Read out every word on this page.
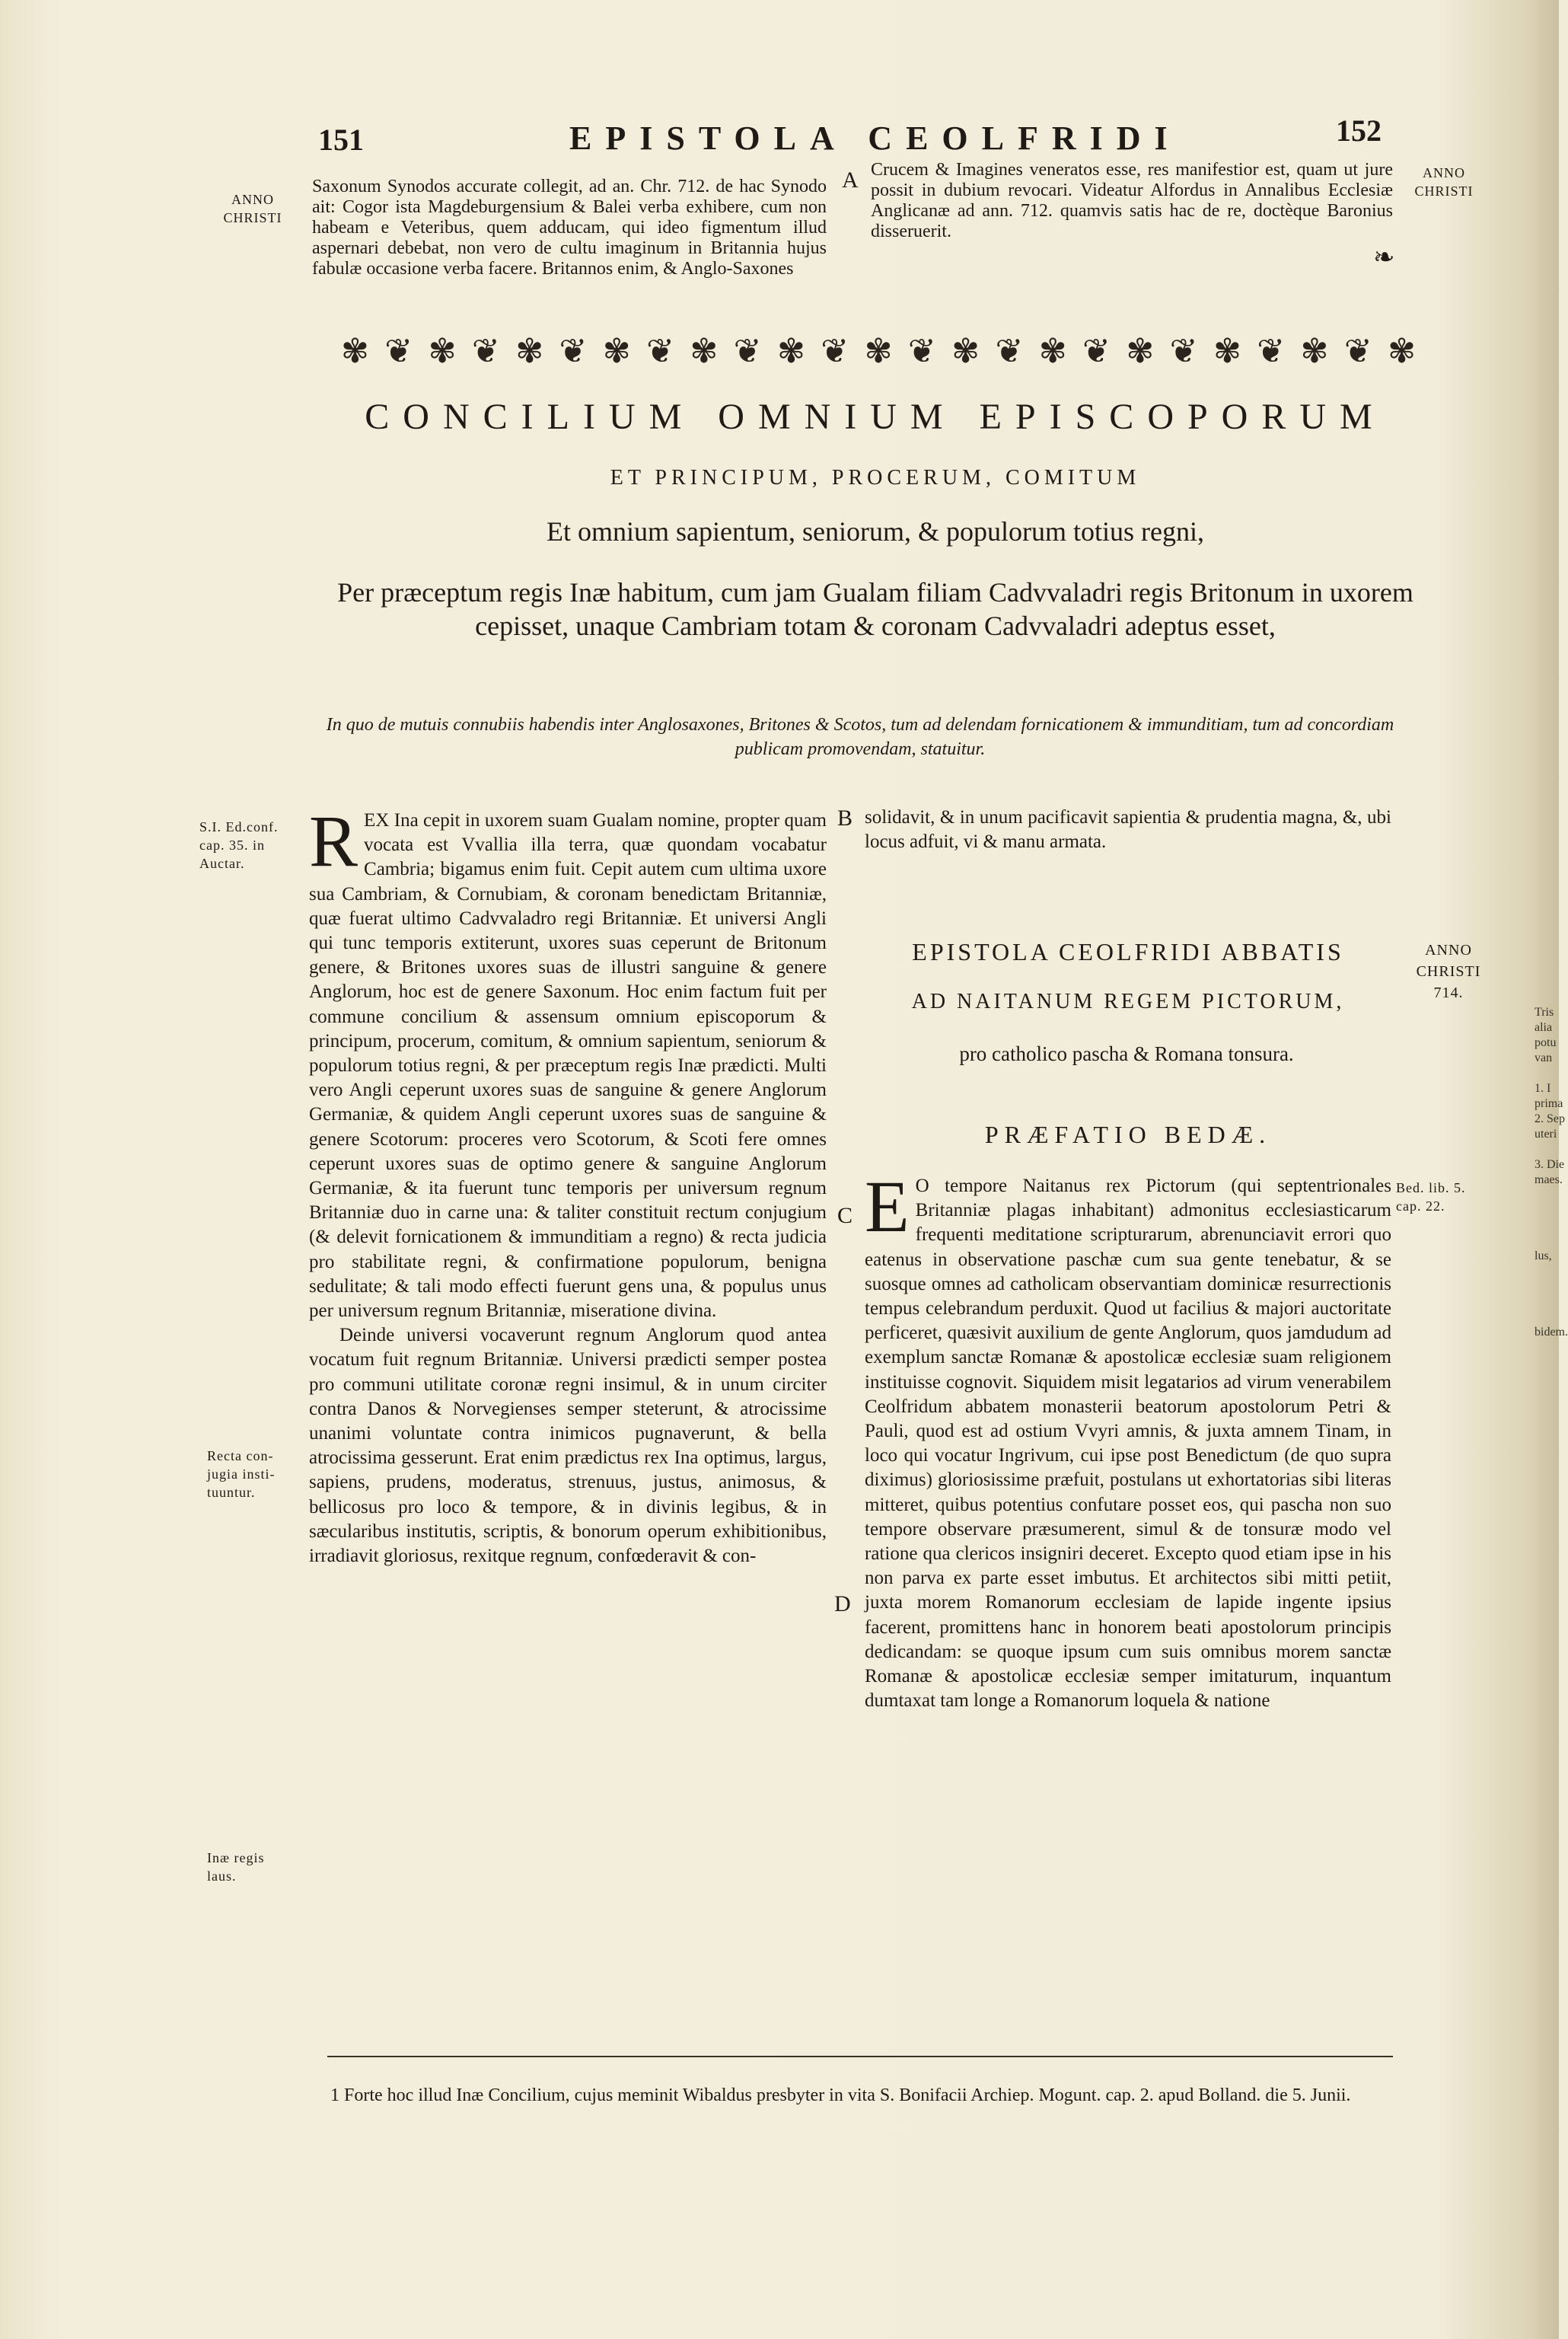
151	EPISTOLA CEOLFRIDI	152
ANNO
CHRISTI
ANNO
CHRISTI
Saxonum Synodos accurate collegit, ad an. Chr. 712. de hac Synodo ait: Cogor ista Magdeburgensium & Balei verba exhibere, cum non habeam e Veteribus, quem adducam, qui ideo figmentum illud aspernari debebat, non vero de cultu imaginum in Britannia hujus fabulæ occasione verba facere. Britannos enim, & Anglo-Saxones
A Crucem & Imagines veneratos esse, res manifestior est, quam ut jure possit in dubium revocari. Videatur Alfordus in Annalibus Ecclesiæ Anglicanæ ad ann. 712. quamvis satis hac de re, doctèque Baronius disseruerit.
❧
✾ ❦ ✾ ❦ ✾ ❦ ✾ ❦ ✾ ❦ ✾ ❦ ✾ ❦ ✾ ❦ ✾ ❦ ✾ ❦ ✾ ❦ ✾ ❦ ✾
CONCILIUM OMNIUM EPISCOPORUM
ET PRINCIPUM, PROCERUM, COMITUM
Et omnium sapientum, seniorum, & populorum totius regni,
Per præceptum regis Inæ habitum, cum jam Gualam filiam Cadvvaladri regis Britonum in uxorem cepisset, unaque Cambriam totam & coronam Cadvvaladri adeptus esset,
In quo de mutuis connubiis habendis inter Anglosaxones, Britones & Scotos, tum ad delendam fornicationem & immunditiam, tum ad concordiam publicam promovendam, statuitur.
S.I. Ed.conf. cap. 35. in Auctar.
Recta con-
jugia insti-
tuuntur.
Inæ regis
laus.
R EX Ina cepit in uxorem suam Gualam nomine, propter quam vocata est Vvallia illa terra, quæ quondam vocabatur Cambria; bigamus enim fuit. Cepit autem cum ultima uxore sua Cambriam, & Cornubiam, & coronam benedictam Britanniæ, quæ fuerat ultimo Cadvvaladro regi Britanniæ. Et universi Angli qui tunc temporis extiterunt, uxores suas ceperunt de Britonum genere, & Britones uxores suas de illustri sanguine & genere Anglorum, hoc est de genere Saxonum. Hoc enim factum fuit per commune concilium & assensum omnium episcoporum & principum, procerum, comitum, & omnium sapientum, seniorum & populorum totius regni, & per præceptum regis Inæ prædicti. Multi vero Angli ceperunt uxores suas de sanguine & genere Anglorum Germaniæ, & quidem Angli ceperunt uxores suas de sanguine & genere Scotorum: proceres vero Scotorum, & Scoti fere omnes ceperunt uxores suas de optimo genere & sanguine Anglorum Germaniæ, & ita fuerunt tunc temporis per universum regnum Britanniæ duo in carne una: & taliter constituit rectum conjugium (& delevit fornicationem & immunditiam a regno) & recta judicia pro stabilitate regni, & confirmatione populorum, benigna sedulitate; & tali modo effecti fuerunt gens una, & populus unus per universum regnum Britanniæ, miseratione divina.

Deinde universi vocaverunt regnum Anglorum quod antea vocatum fuit regnum Britanniæ. Universi prædicti semper postea pro communi utilitate coronæ regni insimul, & in unum circiter contra Danos & Norvegienses semper steterunt, & atrocissime unanimi voluntate contra inimicos pugnaverunt, & bella atrocissima gesserunt. Erat enim prædictus rex Ina optimus, largus, sapiens, prudens, moderatus, strenuus, justus, animosus, & bellicosus pro loco & tempore, & in divinis legibus, & in sæcularibus institutis, scriptis, & bonorum operum exhibitionibus, irradiavit gloriosus, rexitque regnum, confœderavit & con-

B
C
D
solidavit, & in unum pacificavit sapientia & prudentia magna, &, ubi locus adfuit, vi & manu armata.
EPISTOLA CEOLFRIDI ABBATIS
AD NAITANUM REGEM PICTORUM,
pro catholico pascha & Romana tonsura.
PRÆFATIO BEDÆ.
ANNO
CHRISTI
714.
Bed. lib. 5.
cap. 22.
E O tempore Naitanus rex Pictorum (qui septentrionales Britanniæ plagas inhabitant) admonitus ecclesiasticarum frequenti meditatione scripturarum, abrenunciavit errori quo eatenus in observatione paschæ cum sua gente tenebatur, & se suosque omnes ad catholicam observantiam dominicæ resurrectionis tempus celebrandum perduxit. Quod ut facilius & majori auctoritate perficeret, quæsivit auxilium de gente Anglorum, quos jamdudum ad exemplum sanctæ Romanæ & apostolicæ ecclesiæ suam religionem instituisse cognovit. Siquidem misit legatarios ad virum venerabilem Ceolfridum abbatem monasterii beatorum apostolorum Petri & Pauli, quod est ad ostium Vvyri amnis, & juxta amnem Tinam, in loco qui vocatur Ingrivum, cui ipse post Benedictum (de quo supra diximus) gloriosissime præfuit, postulans ut exhortatorias sibi literas mitteret, quibus potentius confutare posset eos, qui pascha non suo tempore observare præsumerent, simul & de tonsuræ modo vel ratione qua clericos insigniri deceret. Excepto quod etiam ipse in his non parva ex parte esset imbutus. Et architectos sibi mitti petiit, juxta morem Romanorum ecclesiam de lapide ingente ipsius facerent, promittens hanc in honorem beati apostolorum principis dedicandam: se quoque ipsum cum suis omnibus morem sanctæ Romanæ & apostolicæ ecclesiæ semper imitaturum, inquantum dumtaxat tam longe a Romanorum loquela & natione

1 Forte hoc illud Inæ Concilium, cujus meminit Wibaldus presbyter in vita S. Bonifacii Archiep. Mogunt. cap. 2. apud Bolland. die 5. Junii.
Tris
alia
potu
van

1. I
prima
2. Sep
uteri

3. Die
maes.

lus,

bidem.
